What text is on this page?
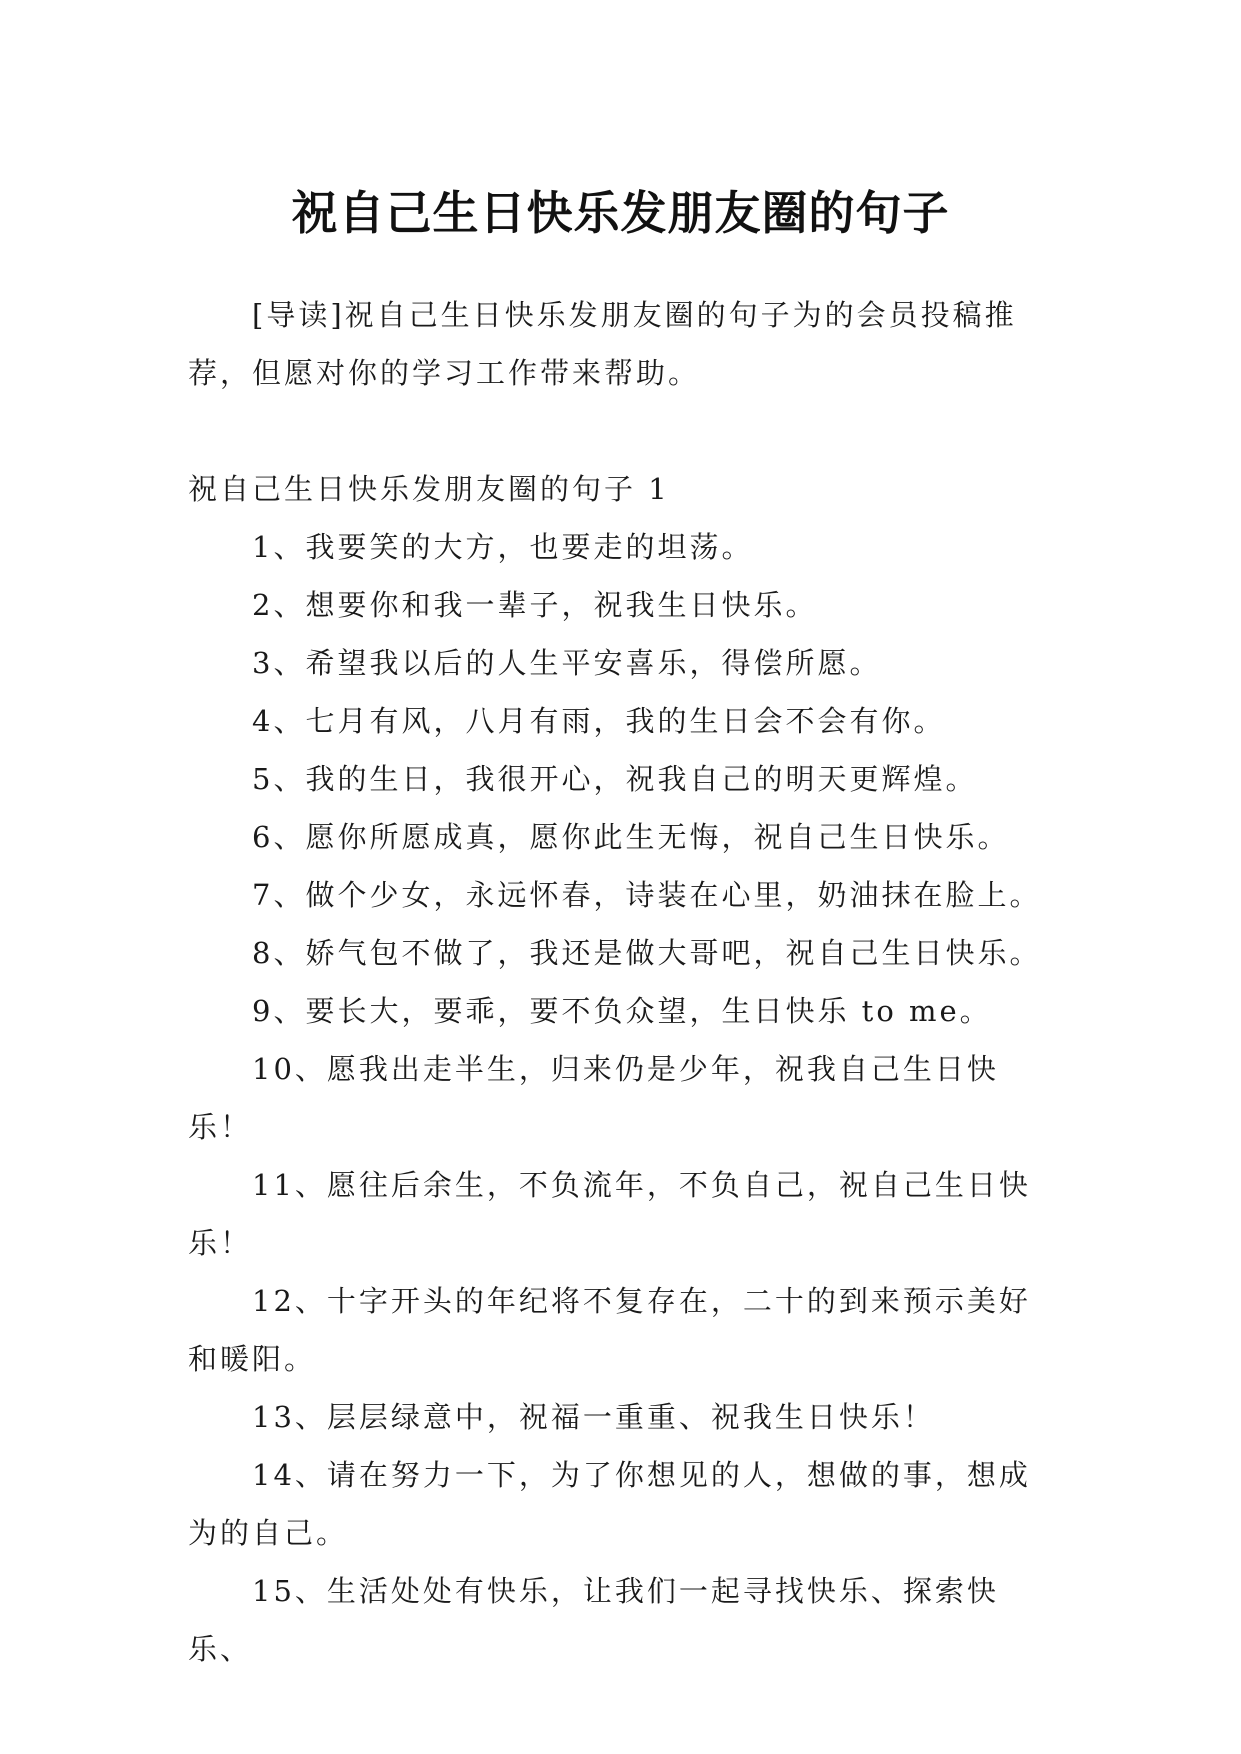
祝自己生日快乐发朋友圈的句子

[导读]祝自己生日快乐发朋友圈的句子为的会员投稿推荐，但愿对你的学习工作带来帮助。

祝自己生日快乐发朋友圈的句子 1

1、我要笑的大方，也要走的坦荡。

2、想要你和我一辈子，祝我生日快乐。

3、希望我以后的人生平安喜乐，得偿所愿。

4、七月有风，八月有雨，我的生日会不会有你。

5、我的生日，我很开心，祝我自己的明天更辉煌。

6、愿你所愿成真，愿你此生无悔，祝自己生日快乐。

7、做个少女，永远怀春，诗装在心里，奶油抹在脸上。

8、娇气包不做了，我还是做大哥吧，祝自己生日快乐。

9、要长大，要乖，要不负众望，生日快乐 to me。

10、愿我出走半生，归来仍是少年，祝我自己生日快乐！

11、愿往后余生，不负流年，不负自己，祝自己生日快乐！

12、十字开头的年纪将不复存在，二十的到来预示美好和暖阳。

13、层层绿意中，祝福一重重、祝我生日快乐！

14、请在努力一下，为了你想见的人，想做的事，想成为的自己。

15、生活处处有快乐，让我们一起寻找快乐、探索快乐、
